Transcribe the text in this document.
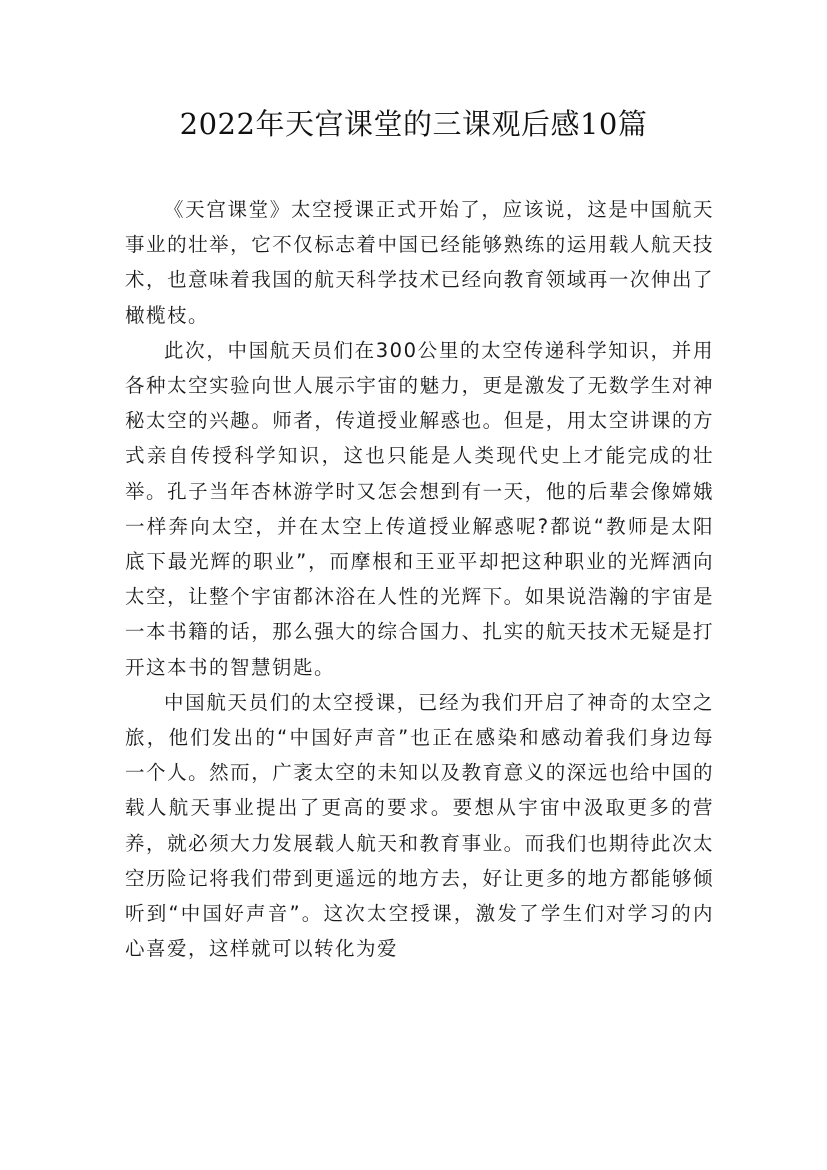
2022年天宫课堂的三课观后感10篇

《天宫课堂》太空授课正式开始了，应该说，这是中国航天事业的壮举，它不仅标志着中国已经能够熟练的运用载人航天技术，也意味着我国的航天科学技术已经向教育领域再一次伸出了橄榄枝。

此次，中国航天员们在300公里的太空传递科学知识，并用各种太空实验向世人展示宇宙的魅力，更是激发了无数学生对神秘太空的兴趣。师者，传道授业解惑也。但是，用太空讲课的方式亲自传授科学知识，这也只能是人类现代史上才能完成的壮举。孔子当年杏林游学时又怎会想到有一天，他的后辈会像嫦娥一样奔向太空，并在太空上传道授业解惑呢?都说“教师是太阳底下最光辉的职业”，而摩根和王亚平却把这种职业的光辉洒向太空，让整个宇宙都沐浴在人性的光辉下。如果说浩瀚的宇宙是一本书籍的话，那么强大的综合国力、扎实的航天技术无疑是打开这本书的智慧钥匙。

中国航天员们的太空授课，已经为我们开启了神奇的太空之旅，他们发出的“中国好声音”也正在感染和感动着我们身边每一个人。然而，广袤太空的未知以及教育意义的深远也给中国的载人航天事业提出了更高的要求。要想从宇宙中汲取更多的营养，就必须大力发展载人航天和教育事业。而我们也期待此次太空历险记将我们带到更遥远的地方去，好让更多的地方都能够倾听到“中国好声音”。这次太空授课，激发了学生们对学习的内心喜爱，这样就可以转化为爱
